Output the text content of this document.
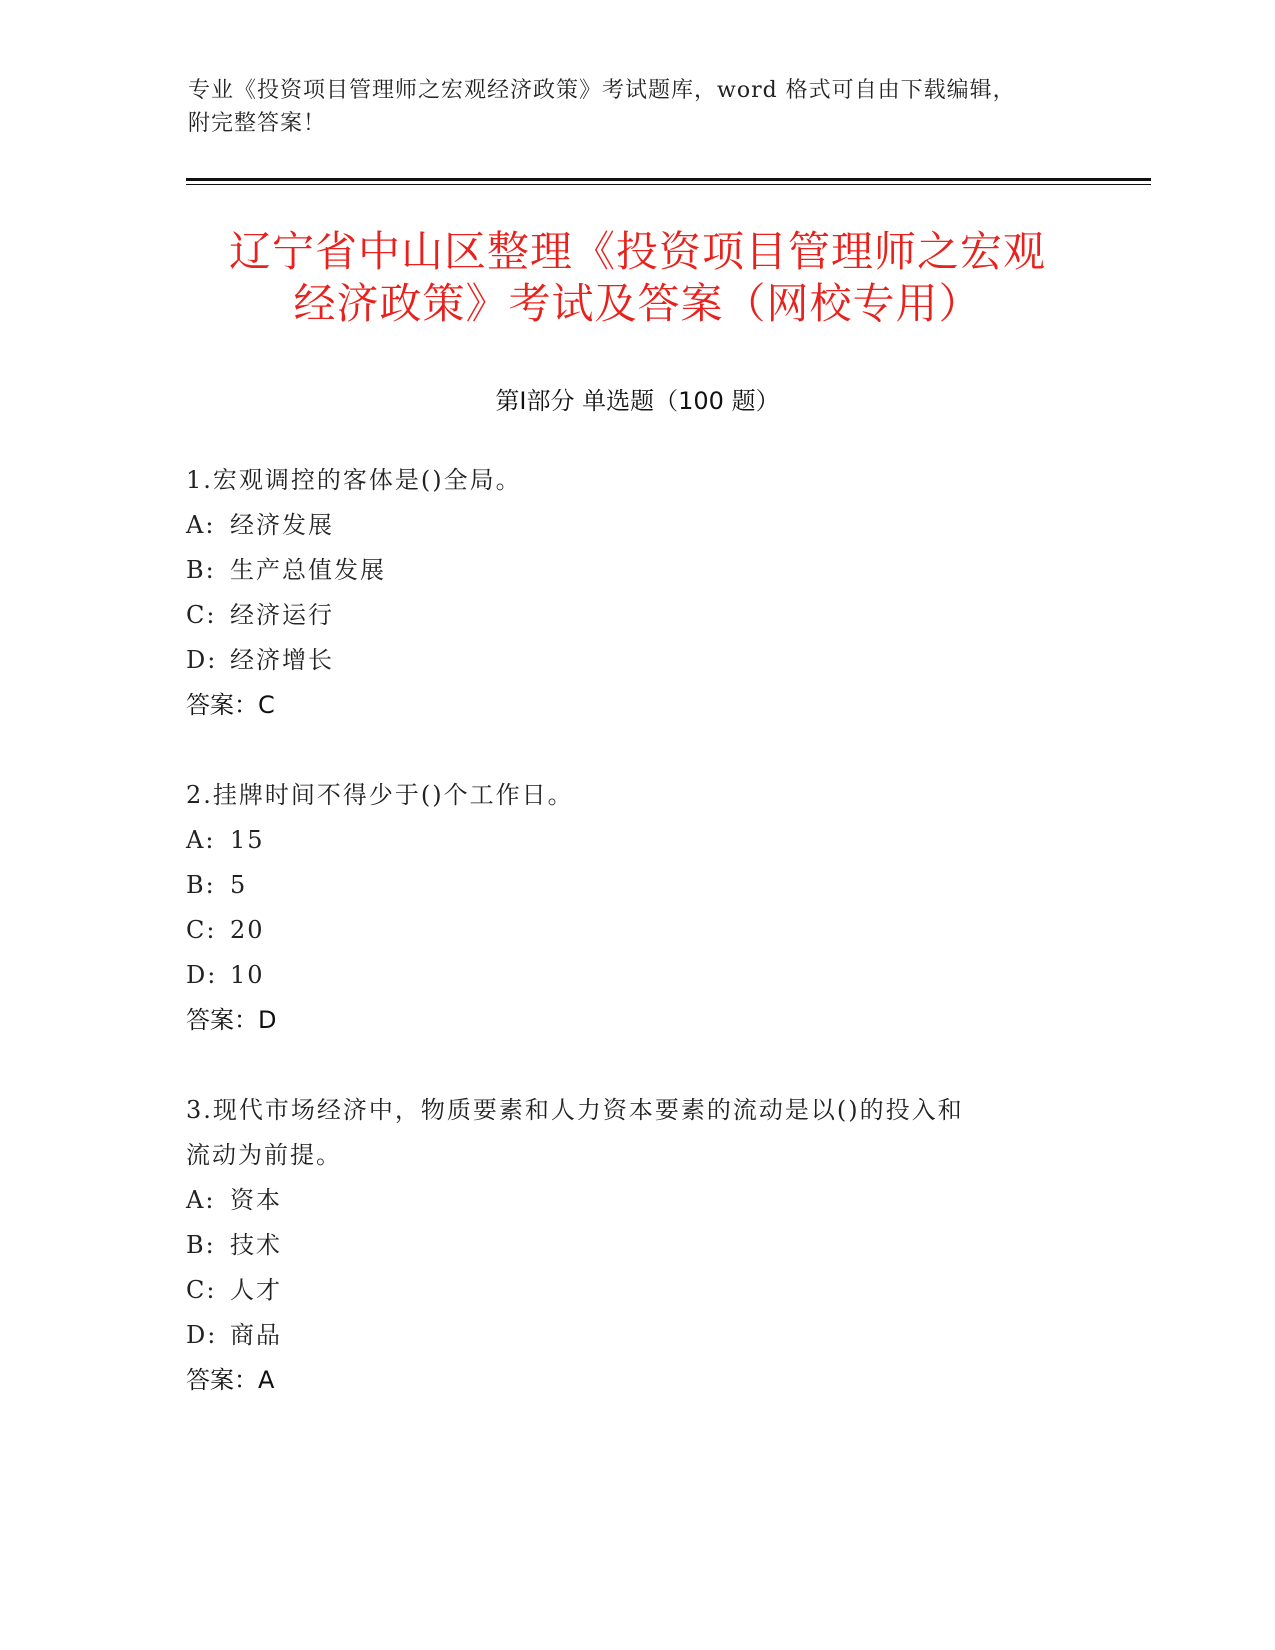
专业《投资项目管理师之宏观经济政策》考试题库，word 格式可自由下载编辑，
附完整答案！
辽宁省中山区整理《投资项目管理师之宏观
经济政策》考试及答案（网校专用）
第Ⅰ部分 单选题（100 题）
1.宏观调控的客体是()全局。
A: 经济发展
B: 生产总值发展
C: 经济运行
D: 经济增长
答案：C
2.挂牌时间不得少于()个工作日。
A: 15
B: 5
C: 20
D: 10
答案：D
3.现代市场经济中，物质要素和人力资本要素的流动是以()的投入和
流动为前提。
A: 资本
B: 技术
C: 人才
D: 商品
答案：A
